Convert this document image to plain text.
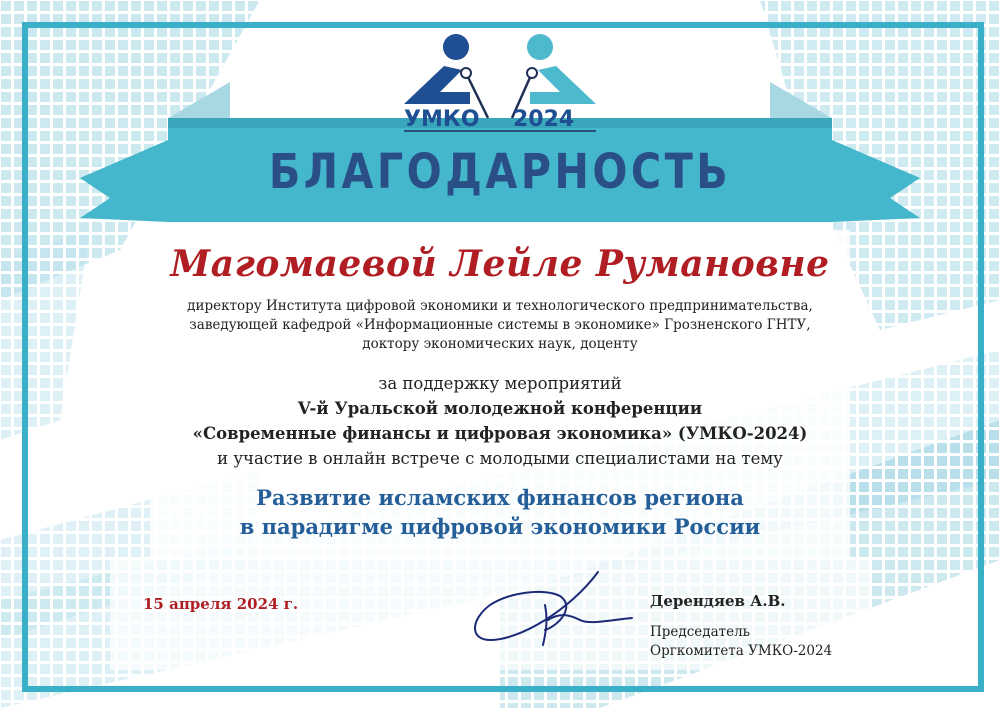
УМКО 2024
БЛАГОДАРНОСТЬ

Магомаевой Лейле Румановне

директору Института цифровой экономики и технологического предпринимательства,

заведующей кафедрой «Информационные системы в экономике» Грозненского ГНТУ,

доктору экономических наук, доценту

за поддержку мероприятий

V-й Уральской молодежной конференции

«Современные финансы и цифровая экономика» (УМКО-2024)

и участие в онлайн встрече с молодыми специалистами на тему

Развитие исламских финансов региона

в парадигме цифровой экономики России

15 апреля 2024 г.	Дерендяев А.В.
Председатель
Оргкомитета УМКО-2024
